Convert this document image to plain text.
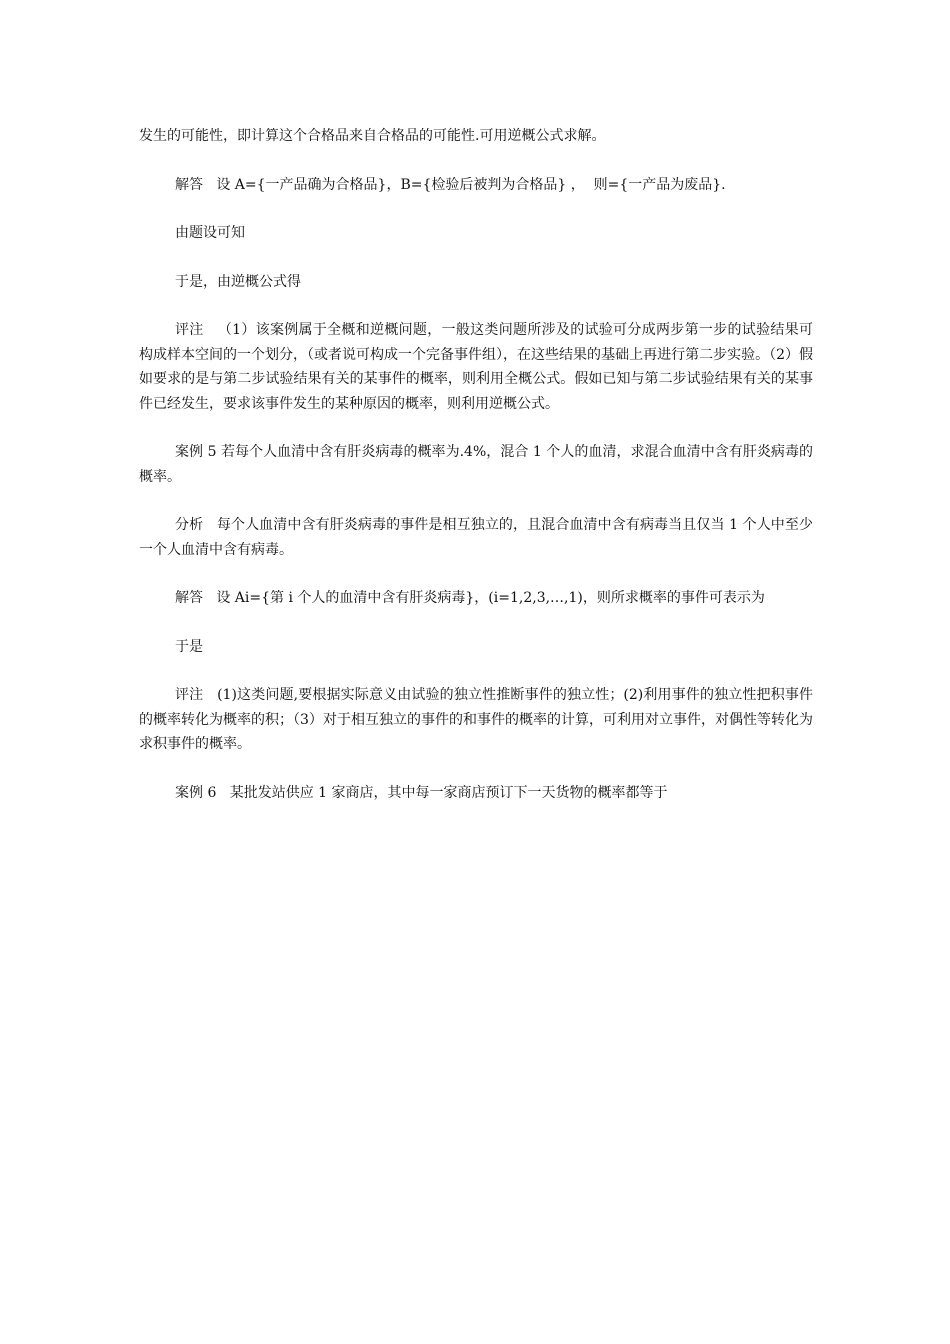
发生的可能性，即计算这个合格品来自合格品的可能性.可用逆概公式求解。

解答   设 A={一产品确为合格品}，B={检验后被判为合格品} ，  则={一产品为废品}.

由题设可知

于是，由逆概公式得

评注   （1）该案例属于全概和逆概问题，一般这类问题所涉及的试验可分成两步第一步的试验结果可构成样本空间的一个划分，（或者说可构成一个完备事件组），在这些结果的基础上再进行第二步实验。（2）假如要求的是与第二步试验结果有关的某事件的概率，则利用全概公式。假如已知与第二步试验结果有关的某事件已经发生，要求该事件发生的某种原因的概率，则利用逆概公式。

案例 5 若每个人血清中含有肝炎病毒的概率为.4%，混合 1 个人的血清，求混合血清中含有肝炎病毒的概率。

分析   每个人血清中含有肝炎病毒的事件是相互独立的，且混合血清中含有病毒当且仅当 1 个人中至少一个人血清中含有病毒。

解答   设 Ai={第 i 个人的血清中含有肝炎病毒}，(i=1,2,3,…,1)，则所求概率的事件可表示为

于是

评注   (1)这类问题,要根据实际意义由试验的独立性推断事件的独立性；(2)利用事件的独立性把积事件的概率转化为概率的积；（3）对于相互独立的事件的和事件的概率的计算，可利用对立事件，对偶性等转化为求积事件的概率。

案例 6   某批发站供应 1 家商店，其中每一家商店预订下一天货物的概率都等于
